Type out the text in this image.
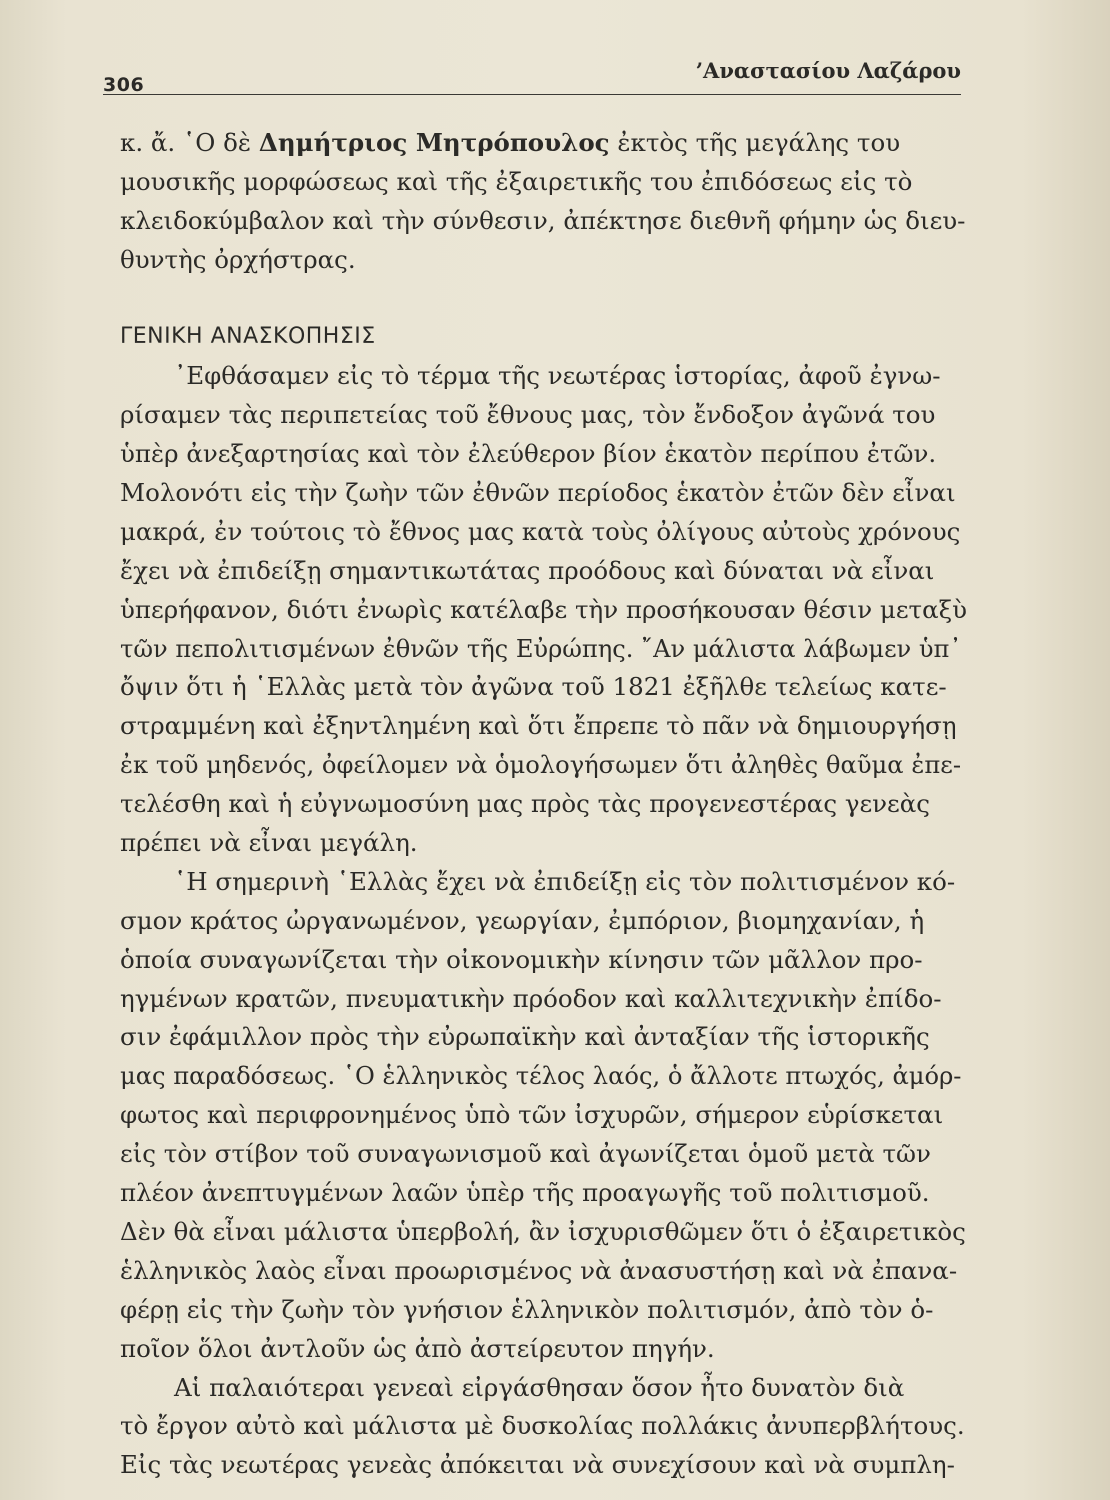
306
’Αναστασίου Λαζάρου
κ. ἄ. ῾Ο δὲ Δημήτριος Μητρόπουλος ἐκτὸς τῆς μεγάλης του
μουσικῆς μορφώσεως καὶ τῆς ἐξαιρετικῆς του ἐπιδόσεως εἰς τὸ
κλειδοκύμβαλον καὶ τὴν σύνθεσιν, ἀπέκτησε διεθνῆ φήμην ὡς διευ-
θυντὴς ὀρχήστρας.
ΓΕΝΙΚΗ ΑΝΑΣΚΟΠΗΣΙΣ
᾿Εφθάσαμεν εἰς τὸ τέρμα τῆς νεωτέρας ἱστορίας, ἀφοῦ ἐγνω-
ρίσαμεν τὰς περιπετείας τοῦ ἔθνους μας, τὸν ἔνδοξον ἀγῶνά του
ὑπὲρ ἀνεξαρτησίας καὶ τὸν ἐλεύθερον βίον ἑκατὸν περίπου ἐτῶν.
Μολονότι εἰς τὴν ζωὴν τῶν ἐθνῶν περίοδος ἑκατὸν ἐτῶν δὲν εἶναι
μακρά, ἐν τούτοις τὸ ἔθνος μας κατὰ τοὺς ὀλίγους αὐτοὺς χρόνους
ἔχει νὰ ἐπιδείξῃ σημαντικωτάτας προόδους καὶ δύναται νὰ εἶναι
ὑπερήφανον, διότι ἐνωρὶς κατέλαβε τὴν προσήκουσαν θέσιν μεταξὺ
τῶν πεπολιτισμένων ἐθνῶν τῆς Εὐρώπης. ῎Αν μάλιστα λάβωμεν ὑπ᾿
ὄψιν ὅτι ἡ ῾Ελλὰς μετὰ τὸν ἀγῶνα τοῦ 1821 ἐξῆλθε τελείως κατε-
στραμμένη καὶ ἐξηντλημένη καὶ ὅτι ἔπρεπε τὸ πᾶν νὰ δημιουργήσῃ
ἐκ τοῦ μηδενός, ὀφείλομεν νὰ ὁμολογήσωμεν ὅτι ἀληθὲς θαῦμα ἐπε-
τελέσθη καὶ ἡ εὐγνωμοσύνη μας πρὸς τὰς προγενεστέρας γενεὰς
πρέπει νὰ εἶναι μεγάλη.
῾Η σημερινὴ ῾Ελλὰς ἔχει νὰ ἐπιδείξῃ εἰς τὸν πολιτισμένον κό-
σμον κράτος ὠργανωμένον, γεωργίαν, ἐμπόριον, βιομηχανίαν, ἡ
ὁποία συναγωνίζεται τὴν οἰκονομικὴν κίνησιν τῶν μᾶλλον προ-
ηγμένων κρατῶν, πνευματικὴν πρόοδον καὶ καλλιτεχνικὴν ἐπίδο-
σιν ἐφάμιλλον πρὸς τὴν εὐρωπαϊκὴν καὶ ἀνταξίαν τῆς ἱστορικῆς
μας παραδόσεως. ῾Ο ἑλληνικὸς τέλος λαός, ὁ ἄλλοτε πτωχός, ἀμόρ-
φωτος καὶ περιφρονημένος ὑπὸ τῶν ἰσχυρῶν, σήμερον εὑρίσκεται
εἰς τὸν στίβον τοῦ συναγωνισμοῦ καὶ ἀγωνίζεται ὁμοῦ μετὰ τῶν
πλέον ἀνεπτυγμένων λαῶν ὑπὲρ τῆς προαγωγῆς τοῦ πολιτισμοῦ.
Δὲν θὰ εἶναι μάλιστα ὑπερβολή, ἂν ἰσχυρισθῶμεν ὅτι ὁ ἐξαιρετικὸς
ἑλληνικὸς λαὸς εἶναι προωρισμένος νὰ ἀνασυστήσῃ καὶ νὰ ἐπανα-
φέρῃ εἰς τὴν ζωὴν τὸν γνήσιον ἑλληνικὸν πολιτισμόν, ἀπὸ τὸν ὁ-
ποῖον ὅλοι ἀντλοῦν ὡς ἀπὸ ἀστείρευτον πηγήν.
Αἱ παλαιότεραι γενεαὶ εἰργάσθησαν ὅσον ἦτο δυνατὸν διὰ
τὸ ἔργον αὐτὸ καὶ μάλιστα μὲ δυσκολίας πολλάκις ἀνυπερβλήτους.
Εἰς τὰς νεωτέρας γενεὰς ἀπόκειται νὰ συνεχίσουν καὶ νὰ συμπλη-
